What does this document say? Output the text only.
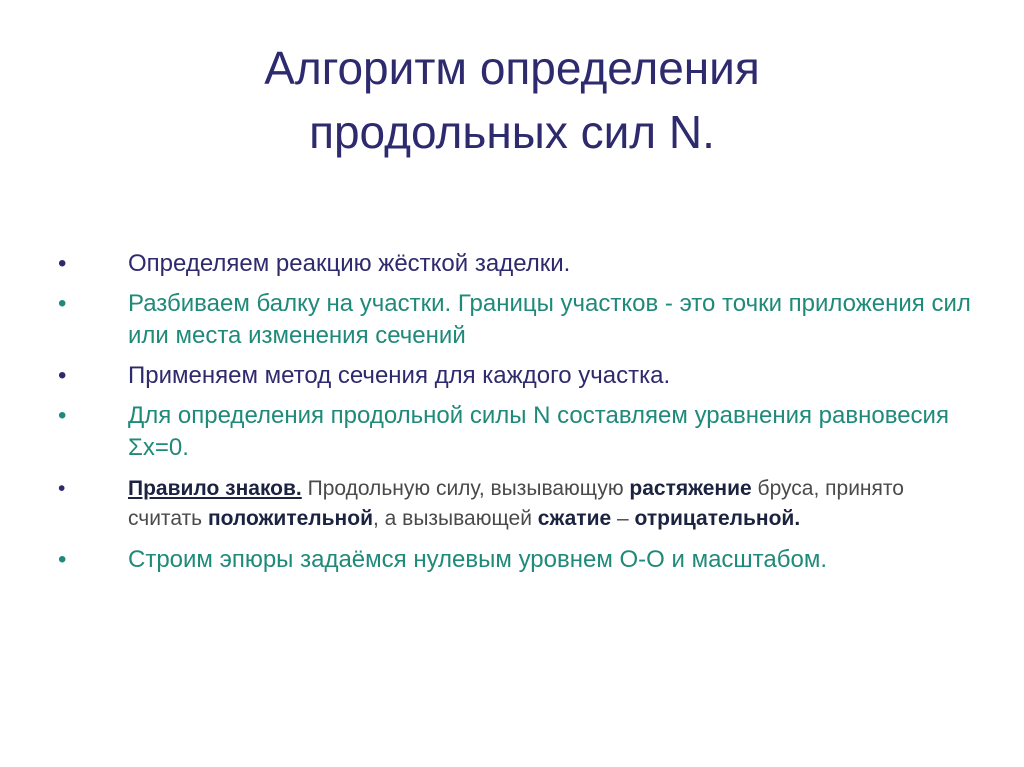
Алгоритм определения
продольных сил N.
•	Определяем реакцию жёсткой заделки.
•	Разбиваем балку на участки. Границы участков - это точки приложения сил или места изменения сечений
•	Применяем метод сечения для каждого участка.
•	Для определения продольной силы N составляем уравнения равновесия Σx=0.
•	Правило знаков. Продольную силу, вызывающую растяжение бруса, принято считать положительной, а вызывающей сжатие – отрицательной.
•	Строим эпюры задаёмся нулевым уровнем О-О и масштабом.
